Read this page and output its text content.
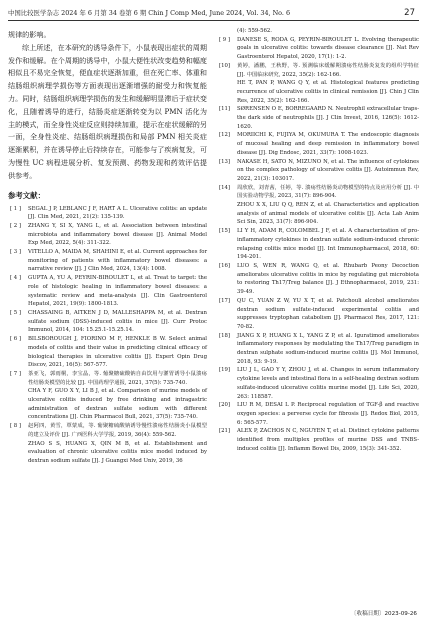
中国比较医学杂志 2024 年 6 月第 34 卷第 6 期 Chin J Comp Med, June 2024, Vol. 34, No. 6	27

规律的影响。

综上所述，在本研究的诱导条件下，小鼠表现出症状的周期发作和缓解。在个周期的诱导中，小鼠大便性状改变趋势和幅度相似且不易完全恢复，便血症状逐渐加重，但在死亡率、体重和结肠组织病理学损伤等方面表现出逐渐增强的耐受力和恢复能力。同时，结肠组织病理学损伤的发生和缓解明显滞后于症状变化，且随着诱导的进行，结肠炎症逐渐转变为以 PMN 活化为主的模式，而全身性炎症反应则持续加重，提示在症状缓解的另一面，全身性炎症、结肠组织病理损伤和局部 PMN 相关炎症逐渐累积，并在诱导停止后持续存在，可能参与了疾病复发，可为慢性 UC 病程进展分析、复发预测、药物发现和药效评估提供参考。

参考文献：
[ 1 ] SEGAL J P, LEBLANC J F, HART A L. Ulcerative colitis: an update [J]. Clin Med, 2021, 21(2): 135-139.
[ 2 ] ZHANG Y, SI X, YANG L, et al. Association between intestinal microbiota and inflammatory bowel disease [J]. Animal Model Exp Med, 2022, 5(4): 311-322.
[ 3 ] VITELLO A, MAIDA M, SHAHINI E, et al. Current approaches for monitoring of patients with inflammatory bowel diseases: a narrative review [J]. J Clin Med, 2024, 13(4): 1008.
[ 4 ] GUPTA A, YU A, PEYRIN-BIROULET L, et al. Treat to target: the role of histologic healing in inflammatory bowel diseases: a systematic review and meta-analysis [J]. Clin Gastroenterol Hepatol, 2021, 19(9): 1800-1813.
[ 5 ] CHASSAING B, AITKEN J D, MALLESHAPPA M, et al. Dextran sulfate sodium (DSS)-induced colitis in mice [J]. Curr Protoc Immunol, 2014, 104: 15.25.1-15.25.14.
[ 6 ] BILSBOROUGH J, FIORINO M F, HENKLE B W. Select animal models of colitis and their value in predicting clinical efficacy of biological therapies in ulcerative colitis [J]. Expert Opin Drug Discov, 2021, 16(5): 567-577.
[ 7 ] 茶亚飞，郭雨桐，李宝晶，等. 葡聚糖硫酸钠自由饮用与灌胃诱导小鼠溃疡性结肠炎模型的比较 [J]. 中国药理学通报, 2021, 37(5): 735-740.
CHA Y F, GUO X Y, LI B J, et al. Comparison of murine models of ulcerative colitis induced by free drinking and intragastric administration of dextran sulfate sodium with different concentrations [J]. Chin Pharmacol Bull, 2021, 37(5): 735-740.
[ 8 ] 赵阿四，黄雪，覃蒙成，等. 葡聚糖硫酸钠诱导慢性溃疡性结肠炎小鼠模型的建立及评价 [J]. 广西医科大学学报, 2019, 36(4): 559-562.
ZHAO S S, HUANG X, QIN M B, et al. Establishment and evaluation of chronic ulcerative colitis mice model induced by dextran sodium sulfate [J]. J Guangxi Med Univ, 2019, 36
(4): 559-562.
[ 9 ] DANESE S, RODA G, PEYRIN-BIROULET L. Evolving therapeutic goals in ulcerative colitis: towards disease clearance [J]. Nat Rev Gastroenterol Hepatol, 2020, 17(1): 1-2.
[10] 黄婷，潘鹏，王秋野，等. 预测临床缓解期溃疡性结肠炎复发的组织学特征 [J]. 中国临床研究, 2022, 35(2): 162-166.
HE T, PAN P, WANG Q Y, et al. Histological features predicting recurrence of ulcerative colitis in clinical remission [J]. Chin J Clin Res, 2022, 35(2): 162-166.
[11] SØRENSEN O E, BORREGAARD N. Neutrophil extracellular traps-the dark side of neutrophils [J]. J Clin Invest, 2016, 126(5): 1612-1620.
[12] MORIICHI K, FUJIYA M, OKUMURA T. The endoscopic diagnosis of mucosal healing and deep remission in inflammatory bowel disease [J]. Dig Endosc, 2021, 33(7): 1008-1023.
[13] NAKASE H, SATO N, MIZUNO N, et al. The influence of cytokines on the complex pathology of ulcerative colitis [J]. Autoimmun Rev, 2022, 21(3): 103017.
[14] 周欣欣，刘青茜，任婷，等. 溃疡性结肠炎动物模型的特点及应用分析 [J]. 中国实验动物学报, 2023, 31(7): 896-904.
ZHOU X X, LIU Q Q, REN Z, et al. Characteristics and application analysis of animal models of ulcerative colitis [J]. Acta Lab Anim Sci Sin, 2023, 31(7): 896-904.
[15] LI Y H, ADAM R, COLOMBEL J F, et al. A characterization of pro-inflammatory cytokines in dextran sulfate sodium-induced chronic relapsing colitis mice model [J]. Int Immunopharmacol, 2018, 60: 194-201.
[16] LUO S, WEN R, WANG Q, et al. Rhubarb Peony Decoction ameliorates ulcerative colitis in mice by regulating gut microbiota to restoring Th17/Treg balance [J]. J Ethnopharmacol, 2019, 231: 39-49.
[17] QU C, YUAN Z W, YU X T, et al. Patchouli alcohol ameliorates dextran sodium sulfate-induced experimental colitis and suppresses tryptophan catabolism [J]. Pharmacol Res, 2017, 121: 70-82.
[18] JIANG X P, HUANG X L, YANG Z P, et al. Iguratimod ameliorates inflammatory responses by modulating the Th17/Treg paradigm in dextran sulphate sodium-induced murine colitis [J]. Mol Immunol, 2018, 93: 9-19.
[19] LIU J L, GAO Y Y, ZHOU J, et al. Changes in serum inflammatory cytokine levels and intestinal flora in a self-healing dextran sodium sulfate-induced ulcerative colitis murine model [J]. Life Sci, 2020, 263: 118587.
[20] LIU R M, DESAI L P. Reciprocal regulation of TGF-β and reactive oxygen species: a perverse cycle for fibrosis [J]. Redox Biol, 2015, 6: 565-577.
[21] ALEX P, ZACHOS N C, NGUYEN T, et al. Distinct cytokine patterns identified from multiplex profiles of murine DSS and TNBS-induced colitis [J]. Inflamm Bowel Dis, 2009, 15(3): 341-352.
〔收稿日期〕2023-09-26
